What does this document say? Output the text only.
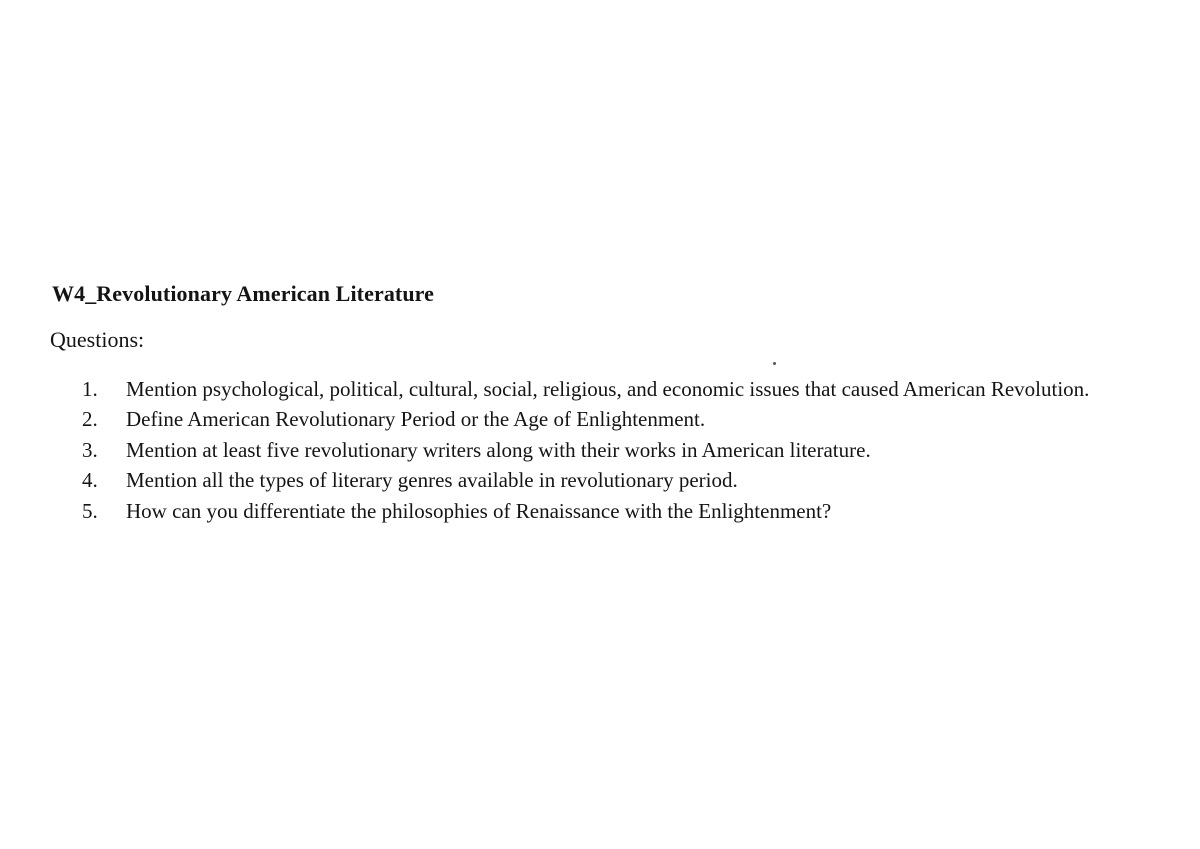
W4_Revolutionary American Literature
Questions:
1.	Mention psychological, political, cultural, social, religious, and economic issues that caused American Revolution.
2.	Define American Revolutionary Period or the Age of Enlightenment.
3.	Mention at least five revolutionary writers along with their works in American literature.
4.	Mention all the types of literary genres available in revolutionary period.
5.	How can you differentiate the philosophies of Renaissance with the Enlightenment?
